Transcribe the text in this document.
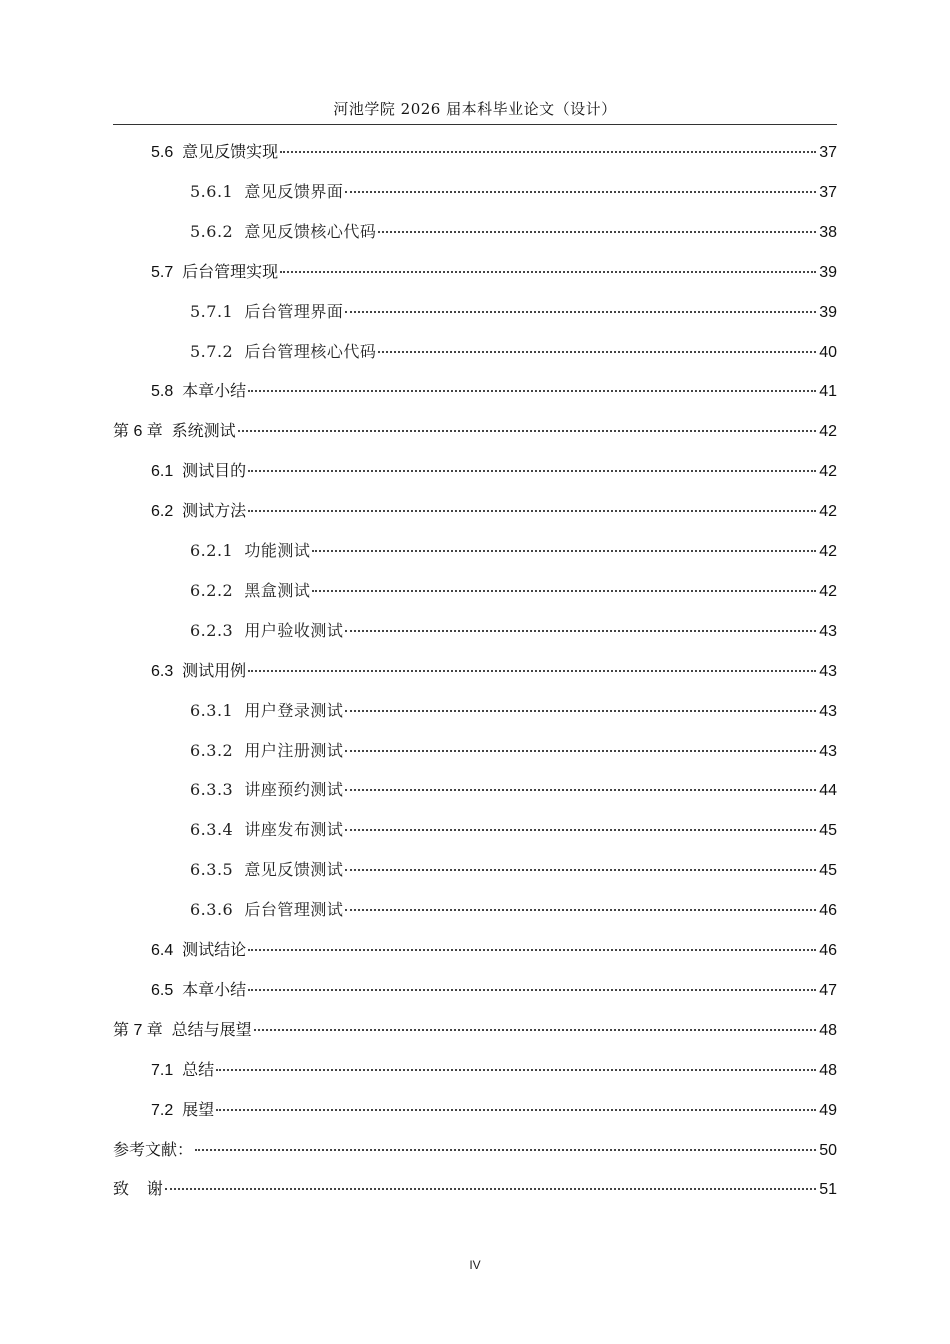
河池学院 2026 届本科毕业论文（设计）
5.6  意见反馈实现	37
5.6.1  意见反馈界面	37
5.6.2  意见反馈核心代码	38
5.7  后台管理实现	39
5.7.1  后台管理界面	39
5.7.2  后台管理核心代码	40
5.8  本章小结	41
第 6 章  系统测试	42
6.1  测试目的	42
6.2  测试方法	42
6.2.1  功能测试	42
6.2.2  黑盒测试	42
6.2.3  用户验收测试	43
6.3  测试用例	43
6.3.1  用户登录测试	43
6.3.2  用户注册测试	43
6.3.3  讲座预约测试	44
6.3.4  讲座发布测试	45
6.3.5  意见反馈测试	45
6.3.6  后台管理测试	46
6.4  测试结论	46
6.5  本章小结	47
第 7 章  总结与展望	48
7.1  总结	48
7.2  展望	49
参考文献：	50
致    谢	51
IV
